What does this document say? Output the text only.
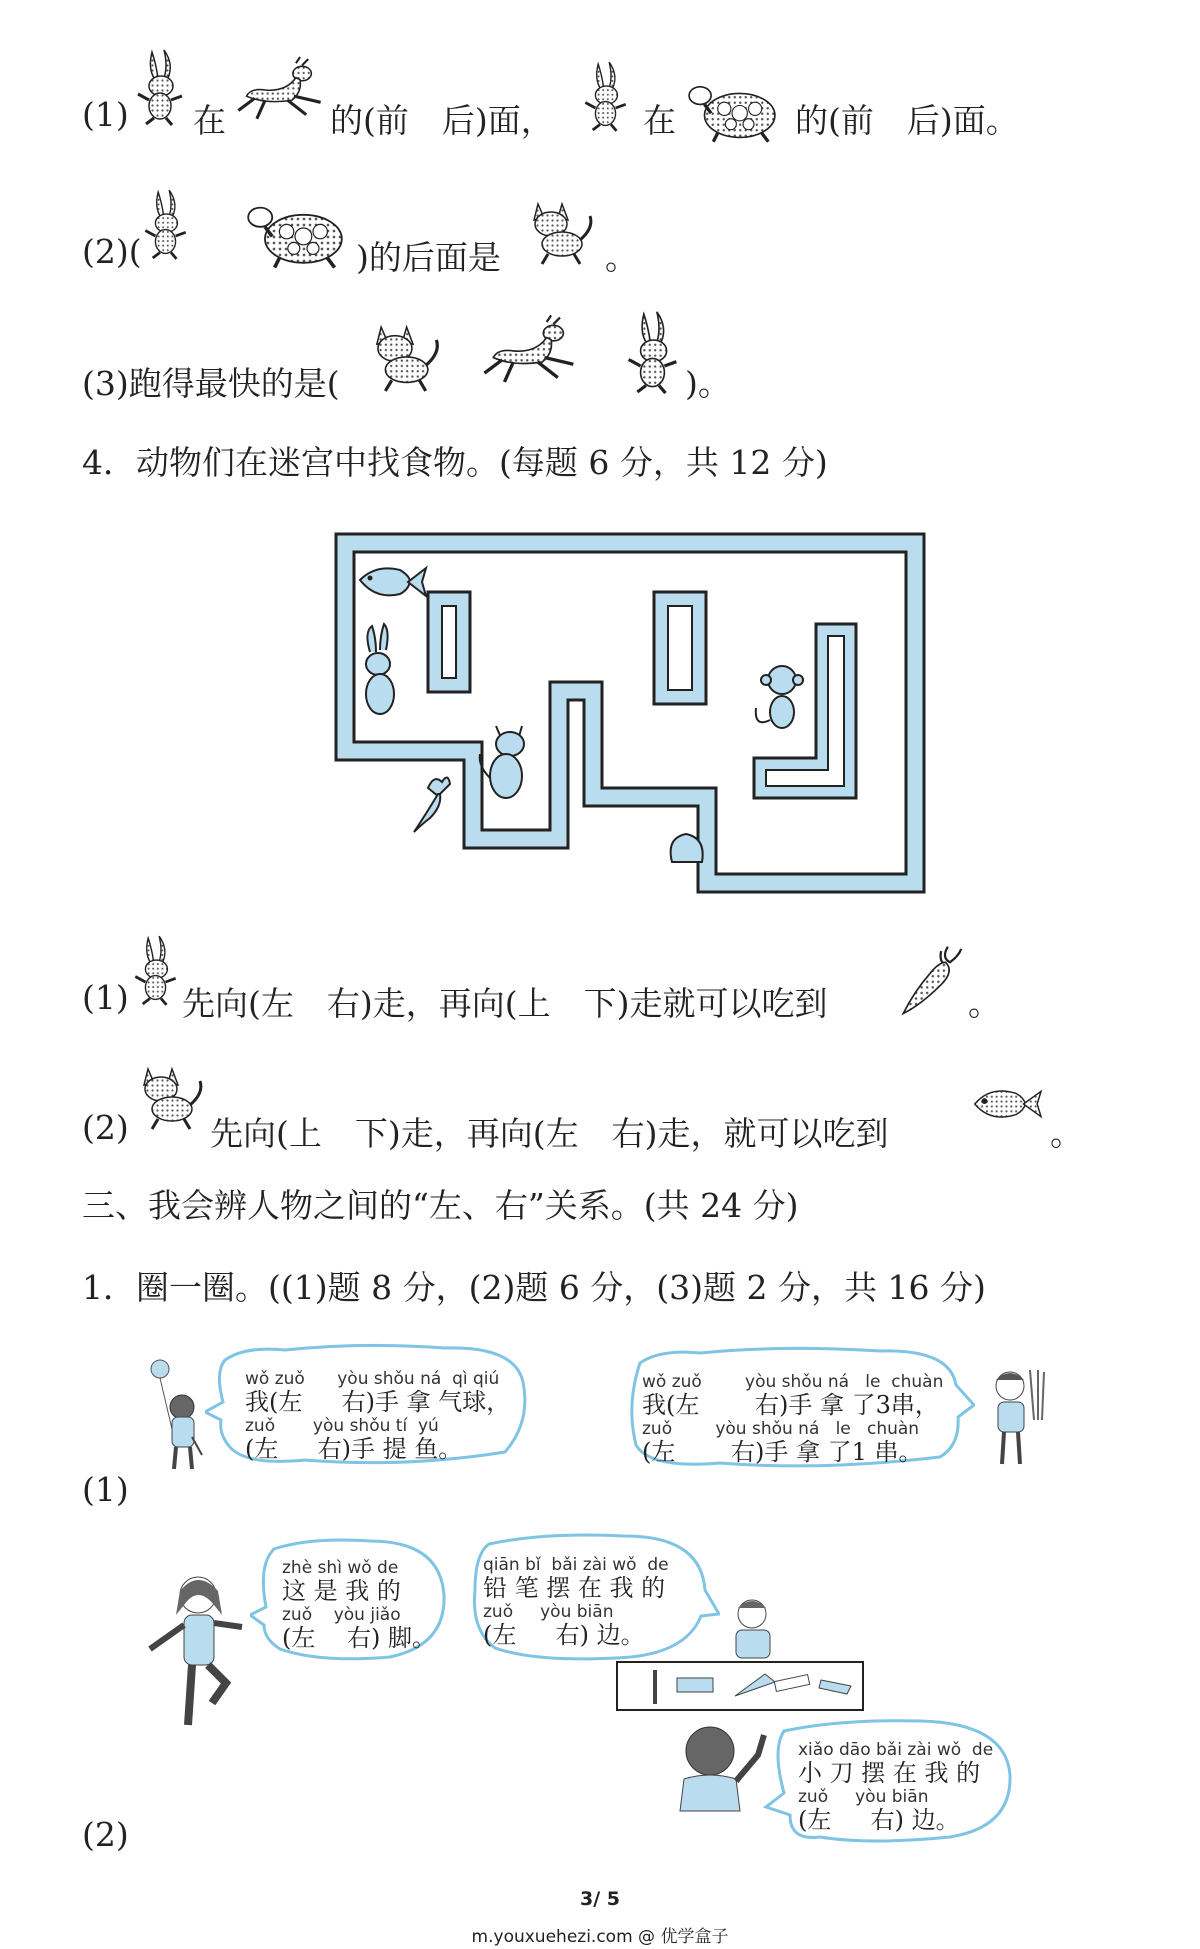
(1) 在	的(前　后)面，	在	的(前　后)面。
(2)(	)的后面是	。
(3)跑得最快的是(	)。
4．动物们在迷宫中找食物。(每题 6 分，共 12 分)
(1) 先向(左　右)走，再向(上　下)走就可以吃到	。
(2) 先向(上　下)走，再向(左　右)走，就可以吃到	。
三、我会辨人物之间的“左、右”关系。(共 24 分)
1．圈一圈。((1)题 8 分，(2)题 6 分，(3)题 2 分，共 16 分)
(1)
(2)
wǒ zuǒ      yòu shǒu ná  qì qiú
我(左  　右)手 拿 气球，
zuǒ       yòu shǒu tí  yú
(左  　右)手 提 鱼。
wǒ zuǒ        yòu shǒu ná   le  chuàn
我(左 　　右)手 拿 了3串，
zuǒ        yòu shǒu ná   le   chuàn
(左 　　右)手 拿 了1 串。
zhè shì wǒ de
这 是 我 的
zuǒ    yòu jiǎo
(左　 右) 脚。
qiān bǐ  bǎi zài wǒ  de
铅 笔 摆 在 我 的
zuǒ     yòu biān
(左 　 右) 边。
xiǎo dāo bǎi zài wǒ  de
小 刀 摆 在 我 的
zuǒ     yòu biān
(左 　 右) 边。
3/ 5
m.youxuehezi.com @ 优学盒子
